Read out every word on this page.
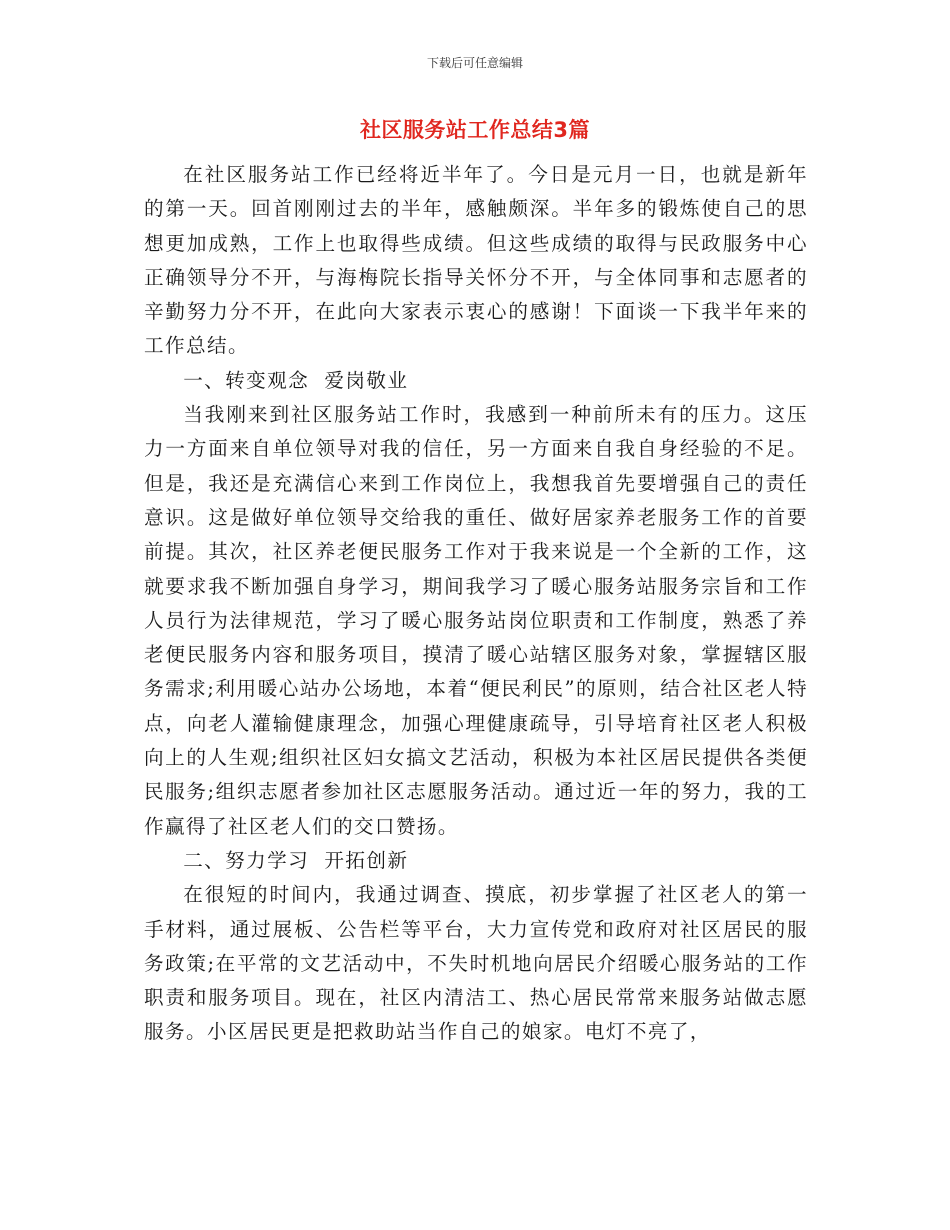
下载后可任意编辑
社区服务站工作总结3篇

在社区服务站工作已经将近半年了。今日是元月一日，也就是新年的第一天。回首刚刚过去的半年，感触颇深。半年多的锻炼使自己的思想更加成熟，工作上也取得些成绩。但这些成绩的取得与民政服务中心正确领导分不开，与海梅院长指导关怀分不开，与全体同事和志愿者的辛勤努力分不开，在此向大家表示衷心的感谢！下面谈一下我半年来的工作总结。

一、转变观念  爱岗敬业

当我刚来到社区服务站工作时，我感到一种前所未有的压力。这压力一方面来自单位领导对我的信任，另一方面来自我自身经验的不足。但是，我还是充满信心来到工作岗位上，我想我首先要增强自己的责任意识。这是做好单位领导交给我的重任、做好居家养老服务工作的首要前提。其次，社区养老便民服务工作对于我来说是一个全新的工作，这就要求我不断加强自身学习，期间我学习了暖心服务站服务宗旨和工作人员行为法律规范，学习了暖心服务站岗位职责和工作制度，熟悉了养老便民服务内容和服务项目，摸清了暖心站辖区服务对象，掌握辖区服务需求;利用暖心站办公场地，本着“便民利民”的原则，结合社区老人特点，向老人灌输健康理念，加强心理健康疏导，引导培育社区老人积极向上的人生观;组织社区妇女搞文艺活动，积极为本社区居民提供各类便民服务;组织志愿者参加社区志愿服务活动。通过近一年的努力，我的工作赢得了社区老人们的交口赞扬。

二、努力学习  开拓创新

在很短的时间内，我通过调查、摸底，初步掌握了社区老人的第一手材料，通过展板、公告栏等平台，大力宣传党和政府对社区居民的服务政策;在平常的文艺活动中，不失时机地向居民介绍暖心服务站的工作职责和服务项目。现在，社区内清洁工、热心居民常常来服务站做志愿服务。小区居民更是把救助站当作自己的娘家。电灯不亮了，
